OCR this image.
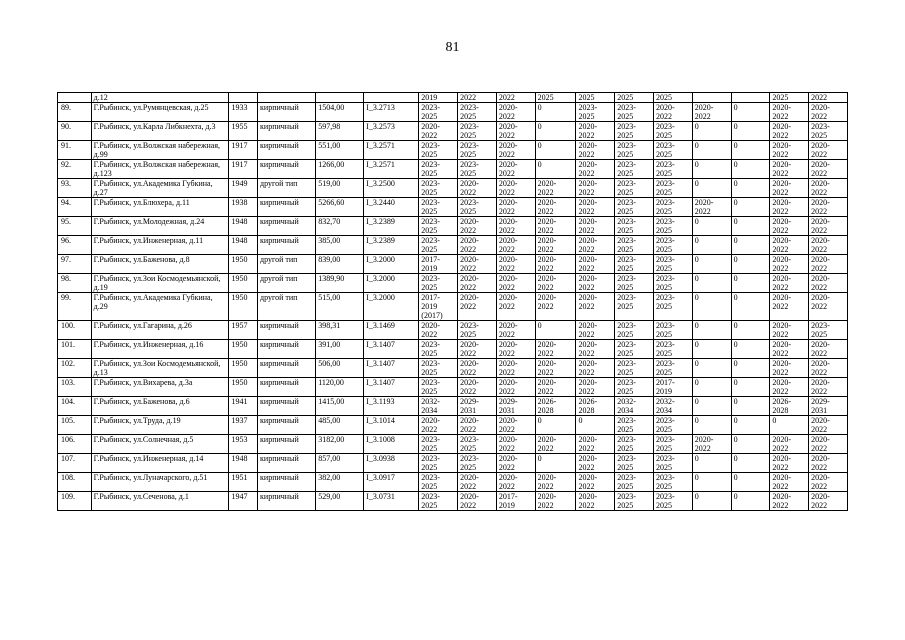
81
	д.12					2019	2022	2022	2025	2025	2025	2025			2025	2022
89.	Г.Рыбинск, ул.Румянцевская, д.25	1933	кирпичный	1504,00	I_3.2713	2023-
2025	2023-
2025	2020-
2022	0	2023-
2025	2023-
2025	2020-
2022	2020-
2022	0	2020-
2022	2020-
2022
90.	Г.Рыбинск, ул.Карла Либкнехта, д.3	1955	кирпичный	597,98	I_3.2573	2020-
2022	2023-
2025	2020-
2022	0	2020-
2022	2023-
2025	2023-
2025	0	0	2020-
2022	2023-
2025
91.	Г.Рыбинск, ул.Волжская набережная, д.99	1917	кирпичный	551,00	I_3.2571	2023-
2025	2023-
2025	2020-
2022	0	2020-
2022	2023-
2025	2023-
2025	0	0	2020-
2022	2020-
2022
92.	Г.Рыбинск, ул.Волжская набережная, д.123	1917	кирпичный	1266,00	I_3.2571	2023-
2025	2023-
2025	2020-
2022	0	2020-
2022	2023-
2025	2023-
2025	0	0	2020-
2022	2020-
2022
93.	Г.Рыбинск, ул.Академика Губкина, д.27	1949	другой тип	519,00	I_3.2500	2023-
2025	2020-
2022	2020-
2022	2020-
2022	2020-
2022	2023-
2025	2023-
2025	0	0	2020-
2022	2020-
2022
94.	Г.Рыбинск, ул.Блюхера, д.11	1938	кирпичный	5266,60	I_3.2440	2023-
2025	2023-
2025	2020-
2022	2020-
2022	2020-
2022	2023-
2025	2023-
2025	2020-
2022	0	2020-
2022	2020-
2022
95.	Г.Рыбинск, ул.Молодежная, д.24	1948	кирпичный	832,70	I_3.2389	2023-
2025	2020-
2022	2020-
2022	2020-
2022	2020-
2022	2023-
2025	2023-
2025	0	0	2020-
2022	2020-
2022
96.	Г.Рыбинск, ул.Инженерная, д.11	1948	кирпичный	385,00	I_3.2389	2023-
2025	2020-
2022	2020-
2022	2020-
2022	2020-
2022	2023-
2025	2023-
2025	0	0	2020-
2022	2020-
2022
97.	Г.Рыбинск, ул.Баженова, д.8	1950	другой тип	839,00	I_3.2000	2017-
2019	2020-
2022	2020-
2022	2020-
2022	2020-
2022	2023-
2025	2023-
2025	0	0	2020-
2022	2020-
2022
98.	Г.Рыбинск, ул.Зои Космодемьянской, д.19	1950	другой тип	1389,90	I_3.2000	2023-
2025	2020-
2022	2020-
2022	2020-
2022	2020-
2022	2023-
2025	2023-
2025	0	0	2020-
2022	2020-
2022
99.	Г.Рыбинск, ул.Академика Губкина, д.29	1950	другой тип	515,00	I_3.2000	2017-
2019
(2017)	2020-
2022	2020-
2022	2020-
2022	2020-
2022	2023-
2025	2023-
2025	0	0	2020-
2022	2020-
2022
100.	Г.Рыбинск, ул.Гагарина, д.26	1957	кирпичный	398,31	I_3.1469	2020-
2022	2023-
2025	2020-
2022	0	2020-
2022	2023-
2025	2023-
2025	0	0	2020-
2022	2023-
2025
101.	Г.Рыбинск, ул.Инженерная, д.16	1950	кирпичный	391,00	I_3.1407	2023-
2025	2020-
2022	2020-
2022	2020-
2022	2020-
2022	2023-
2025	2023-
2025	0	0	2020-
2022	2020-
2022
102.	Г.Рыбинск, ул.Зои Космодемьянской, д.13	1950	кирпичный	506,00	I_3.1407	2023-
2025	2020-
2022	2020-
2022	2020-
2022	2020-
2022	2023-
2025	2023-
2025	0	0	2020-
2022	2020-
2022
103.	Г.Рыбинск, ул.Вихарева, д.3а	1950	кирпичный	1120,00	I_3.1407	2023-
2025	2020-
2022	2020-
2022	2020-
2022	2020-
2022	2023-
2025	2017-
2019	0	0	2020-
2022	2020-
2022
104.	Г.Рыбинск, ул.Баженова, д.6	1941	кирпичный	1415,00	I_3.1193	2032-
2034	2029-
2031	2029-
2031	2026-
2028	2026-
2028	2032-
2034	2032-
2034	0	0	2026-
2028	2029-
2031
105.	Г.Рыбинск, ул.Труда, д.19	1937	кирпичный	485,00	I_3.1014	2020-
2022	2020-
2022	2020-
2022	0	0	2023-
2025	2023-
2025	0	0	0	2020-
2022
106.	Г.Рыбинск, ул.Солнечная, д.5	1953	кирпичный	3182,00	I_3.1008	2023-
2025	2023-
2025	2020-
2022	2020-
2022	2020-
2022	2023-
2025	2023-
2025	2020-
2022	0	2020-
2022	2020-
2022
107.	Г.Рыбинск, ул.Инженерная, д.14	1948	кирпичный	857,00	I_3.0938	2023-
2025	2023-
2025	2020-
2022	0	2020-
2022	2023-
2025	2023-
2025	0	0	2020-
2022	2020-
2022
108.	Г.Рыбинск, ул.Луначарского, д.51	1951	кирпичный	382,00	I_3.0917	2023-
2025	2020-
2022	2020-
2022	2020-
2022	2020-
2022	2023-
2025	2023-
2025	0	0	2020-
2022	2020-
2022
109.	Г.Рыбинск, ул.Сеченова, д.1	1947	кирпичный	529,00	I_3.0731	2023-
2025	2020-
2022	2017-
2019	2020-
2022	2020-
2022	2023-
2025	2023-
2025	0	0	2020-
2022	2020-
2022
